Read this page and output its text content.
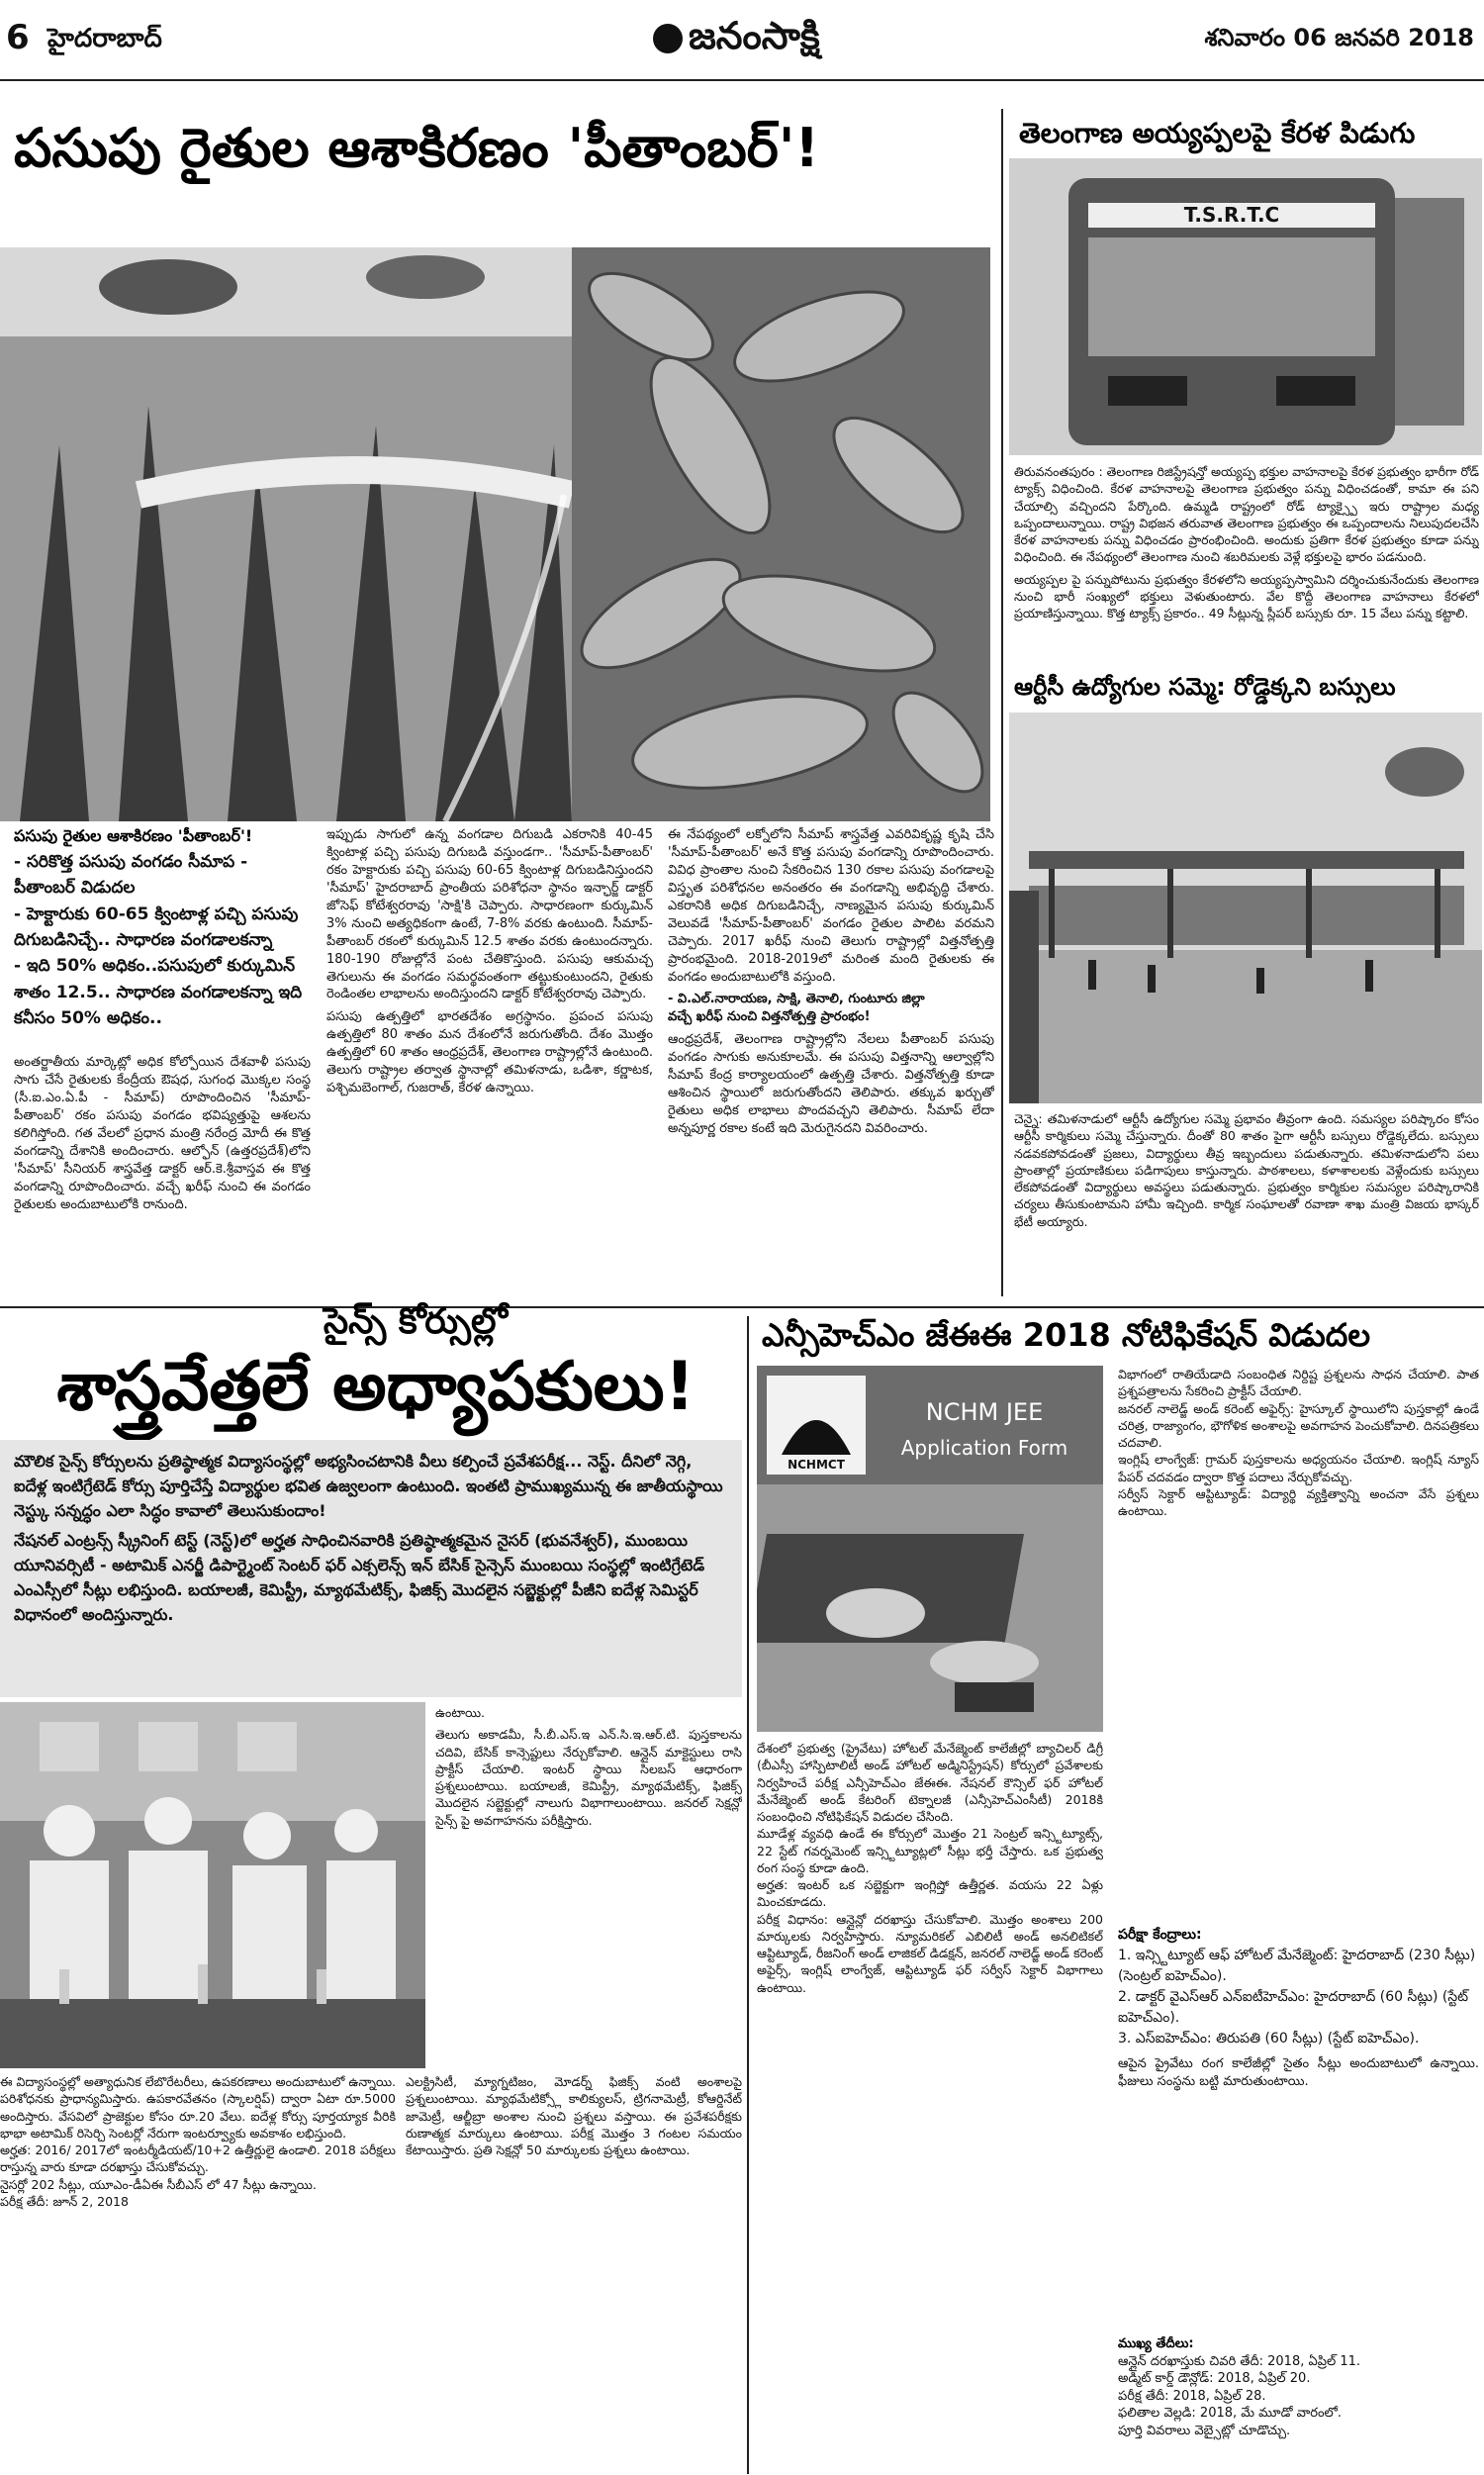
6 హైదరాబాద్	జనంసాక్షి	శనివారం 06 జనవరి 2018
పసుపు రైతుల ఆశాకిరణం 'పీతాంబర్'!
పసుపు రైతుల ఆశాకిరణం 'పీతాంబర్'!
- సరికొత్త పసుపు వంగడం సీమాప - పీతాంబర్ విడుదల
- హెక్టారుకు 60-65 క్వింటాళ్ల పచ్చి పసుపు దిగుబడినిచ్చే.. సాధారణ వంగడాలకన్నా
- ఇది 50% అధికం..పసుపులో కుర్కుమిన్ శాతం 12.5.. సాధారణ వంగడాలకన్నా ఇది కనీసం 50% అధికం..

అంతర్జాతీయ మార్కెట్లో అధిక కోల్పోయిన దేశవాళీ పసుపు సాగు చేసే రైతులకు కేంద్రీయ ఔషధ, సుగంధ మొక్కల సంస్థ (సీ.ఐ.ఎం.ఏ.పీ - సీమాప్) రూపొందించిన 'సీమాప్-పీతాంబర్' రకం పసుపు వంగడం భవిష్యత్తుపై ఆశలను కలిగిస్తోంది. గత వేలలో ప్రధాన మంత్రి నరేంద్ర మోదీ ఈ కొత్త వంగడాన్ని దేశానికి అందించారు. ఆల్ఫోన్ (ఉత్తరప్రదేశ్)లోని 'సీమాప్' సీనియర్ శాస్త్రవేత్త డాక్టర్ ఆర్.కె.శ్రీవాస్తవ ఈ కొత్త వంగడాన్ని రూపొందించారు. వచ్చే ఖరీఫ్ నుంచి ఈ వంగడం రైతులకు అందుబాటులోకి రానుంది.

ఇప్పుడు సాగులో ఉన్న వంగడాల దిగుబడి ఎకరానికి 40-45 క్వింటాళ్ల పచ్చి పసుపు దిగుబడి వస్తుండగా.. 'సీమాప్-పీతాంబర్' రకం హెక్టారుకు పచ్చి పసుపు 60-65 క్వింటాళ్ల దిగుబడినిస్తుందని 'సీమాప్' హైదరాబాద్ ప్రాంతీయ పరిశోధనా స్థానం ఇన్ఛార్జ్ డాక్టర్ జోసెఫ్ కోటేశ్వరరావు 'సాక్షి'కి చెప్పారు. సాధారణంగా కుర్కుమిన్ 3% నుంచి అత్యధికంగా ఉంటే, 7-8% వరకు ఉంటుంది. సీమాప్-పీతాంబర్ రకంలో కుర్కుమిన్ 12.5 శాతం వరకు ఉంటుందన్నారు. 180-190 రోజుల్లోనే పంట చేతికొస్తుంది. పసుపు ఆకుమచ్చ తెగులును ఈ వంగడం సమర్థవంతంగా తట్టుకుంటుందని, రైతుకు రెండింతల లాభాలను అందిస్తుందని డాక్టర్ కోటేశ్వరరావు చెప్పారు.

పసుపు ఉత్పత్తిలో భారతదేశం అగ్రస్థానం. ప్రపంచ పసుపు ఉత్పత్తిలో 80 శాతం మన దేశంలోనే జరుగుతోంది. దేశం మొత్తం ఉత్పత్తిలో 60 శాతం ఆంధ్రప్రదేశ్, తెలంగాణ రాష్ట్రాల్లోనే ఉంటుంది. తెలుగు రాష్ట్రాల తర్వాత స్థానాల్లో తమిళనాడు, ఒడిశా, కర్ణాటక, పశ్చిమబెంగాల్, గుజరాత్, కేరళ ఉన్నాయి.

ఈ నేపథ్యంలో లక్నోలోని సీమాప్ శాస్త్రవేత్త ఎవరివికృష్ణ కృషి చేసి 'సీమాప్-పీతాంబర్' అనే కొత్త పసుపు వంగడాన్ని రూపొందించారు. వివిధ ప్రాంతాల నుంచి సేకరించిన 130 రకాల పసుపు వంగడాలపై విస్తృత పరిశోధనల అనంతరం ఈ వంగడాన్ని అభివృద్ధి చేశారు. ఎకరానికి అధిక దిగుబడినిచ్చే, నాణ్యమైన పసుపు కుర్కుమిన్ వెలువడే 'సీమాప్-పీతాంబర్' వంగడం రైతుల పాలిట వరమని చెప్పారు. 2017 ఖరీఫ్ నుంచి తెలుగు రాష్ట్రాల్లో విత్తనోత్పత్తి ప్రారంభమైంది. 2018-2019లో మరింత మంది రైతులకు ఈ వంగడం అందుబాటులోకి వస్తుంది.

- వి.ఎల్.నారాయణ, సాక్షి, తెనాలి, గుంటూరు జిల్లా
వచ్చే ఖరీఫ్ నుంచి విత్తనోత్పత్తి ప్రారంభం!

ఆంధ్రప్రదేశ్, తెలంగాణ రాష్ట్రాల్లోని నేలలు పీతాంబర్ పసుపు వంగడం సాగుకు అనుకూలమే. ఈ పసుపు విత్తనాన్ని ఆల్వాల్లోని సీమాప్ కేంద్ర కార్యాలయంలో ఉత్పత్తి చేశారు. విత్తనోత్పత్తి కూడా ఆశించిన స్థాయిలో జరుగుతోందని తెలిపారు. తక్కువ ఖర్చుతో రైతులు అధిక లాభాలు పొందవచ్చని తెలిపారు. సీమాప్ లేదా అన్నపూర్ణ రకాల కంటే ఇది మెరుగైనదని వివరించారు.

తెలంగాణ అయ్యప్పలపై కేరళ పిడుగు
T.S.R.T.C

తిరువనంతపురం : తెలంగాణ రిజిస్ట్రేషన్తో అయ్యప్ప భక్తుల వాహనాలపై కేరళ ప్రభుత్వం భారీగా రోడ్ ట్యాక్స్ విధించింది. కేరళ వాహనాలపై తెలంగాణ ప్రభుత్వం పన్ను విధించడంతో, కామా ఈ పని చేయాల్సి వచ్చిందని పేర్కొంది. ఉమ్మడి రాష్ట్రంలో రోడ్ ట్యాక్స్పై ఇరు రాష్ట్రాల మధ్య ఒప్పందాలున్నాయి. రాష్ట్ర విభజన తరువాత తెలంగాణ ప్రభుత్వం ఈ ఒప్పందాలను నిలుపుదలచేసి కేరళ వాహనాలకు పన్ను విధించడం ప్రారంభించింది. అందుకు ప్రతిగా కేరళ ప్రభుత్వం కూడా పన్ను విధించింది. ఈ నేపథ్యంలో తెలంగాణ నుంచి శబరిమలకు వెళ్లే భక్తులపై భారం పడనుంది.

అయ్యప్పల పై పన్నుపోటును ప్రభుత్వం కేరళలోని అయ్యప్పస్వామిని దర్శించుకునేందుకు తెలంగాణ నుంచి భారీ సంఖ్యలో భక్తులు వెళుతుంటారు. వేల కొద్దీ తెలంగాణ వాహనాలు కేరళలో ప్రయాణిస్తున్నాయి. కొత్త ట్యాక్స్ ప్రకారం.. 49 సీట్లున్న స్లీపర్ బస్సుకు రూ. 15 వేలు పన్ను కట్టాలి.

ఆర్టీసీ ఉద్యోగుల సమ్మె: రోడ్డెక్కని బస్సులు

చెన్నై: తమిళనాడులో ఆర్టీసీ ఉద్యోగుల సమ్మె ప్రభావం తీవ్రంగా ఉంది. సమస్యల పరిష్కారం కోసం ఆర్టీసీ కార్మికులు సమ్మె చేస్తున్నారు. దీంతో 80 శాతం పైగా ఆర్టీసీ బస్సులు రోడ్డెక్కలేదు. బస్సులు నడవకపోవడంతో ప్రజలు, విద్యార్థులు తీవ్ర ఇబ్బందులు పడుతున్నారు. తమిళనాడులోని పలు ప్రాంతాల్లో ప్రయాణికులు పడిగాపులు కాస్తున్నారు. పాఠశాలలు, కళాశాలలకు వెళ్లేందుకు బస్సులు లేకపోవడంతో విద్యార్థులు అవస్థలు పడుతున్నారు. ప్రభుత్వం కార్మికుల సమస్యల పరిష్కారానికి చర్యలు తీసుకుంటామని హామీ ఇచ్చింది. కార్మిక సంఘాలతో రవాణా శాఖ మంత్రి విజయ భాస్కర్ భేటీ అయ్యారు.

సైన్స్ కోర్సుల్లో
శాస్త్రవేత్తలే అధ్యాపకులు!
మౌలిక సైన్స్ కోర్సులను ప్రతిష్ఠాత్మక విద్యాసంస్థల్లో అభ్యసించటానికి వీలు కల్పించే ప్రవేశపరీక్ష... నెస్ట్. దీనిలో నెగ్గి, ఐదేళ్ల ఇంటిగ్రేటెడ్ కోర్సు పూర్తిచేస్తే విద్యార్థుల భవిత ఉజ్వలంగా ఉంటుంది. ఇంతటి ప్రాముఖ్యమున్న ఈ జాతీయస్థాయి నెస్ట్కు సన్నద్ధం ఎలా సిద్ధం కావాలో తెలుసుకుందాం!
నేషనల్ ఎంట్రన్స్ స్క్రీనింగ్ టెస్ట్ (నెస్ట్)లో అర్హత సాధించినవారికి ప్రతిష్ఠాత్మకమైన నైసర్ (భువనేశ్వర్), ముంబయి యూనివర్సిటీ - అటామిక్ ఎనర్జీ డిపార్ట్మెంట్ సెంటర్ ఫర్ ఎక్సలెన్స్ ఇన్ బేసిక్ సైన్సెస్ ముంబయి సంస్థల్లో ఇంటిగ్రేటెడ్ ఎంఎస్సీలో సీట్లు లభిస్తుంది. బయాలజీ, కెమిస్ట్రీ, మ్యాథమేటిక్స్, ఫిజిక్స్ మొదలైన సబ్జెక్టుల్లో పీజీని ఐదేళ్ల సెమిస్టర్ విధానంలో అందిస్తున్నారు.

ఉంటాయి.

తెలుగు అకాడమీ, సీ.బీ.ఎస్.ఇ ఎన్.సి.ఇ.ఆర్.టి. పుస్తకాలను చదివి, బేసిక్ కాన్సెప్టులు నేర్చుకోవాలి. ఆన్లైన్ మాక్టెస్టులు రాసి ప్రాక్టీస్ చేయాలి. ఇంటర్ స్థాయి సిలబస్ ఆధారంగా ప్రశ్నలుంటాయి. బయాలజీ, కెమిస్ట్రీ, మ్యాథమేటిక్స్, ఫిజిక్స్ మొదలైన సబ్జెక్టుల్లో నాలుగు విభాగాలుంటాయి. జనరల్ సెక్షన్లో సైన్స్ పై అవగాహనను పరీక్షిస్తారు.

ఈ విద్యాసంస్థల్లో అత్యాధునిక లేబొరేటరీలు, ఉపకరణాలు అందుబాటులో ఉన్నాయి. పరిశోధనకు ప్రాధాన్యమిస్తారు. ఉపకారవేతనం (స్కాలర్షిప్) ద్వారా ఏటా రూ.5000 అందిస్తారు. వేసవిలో ప్రాజెక్టుల కోసం రూ.20 వేలు. ఐదేళ్ల కోర్సు పూర్తయ్యాక వీరికి భాభా అటామిక్ రిసెర్చి సెంటర్లో నేరుగా ఇంటర్వ్యూకు అవకాశం లభిస్తుంది.
అర్హత: 2016/ 2017లో ఇంటర్మీడియట్/10+2 ఉత్తీర్ణులై ఉండాలి. 2018 పరీక్షలు రాస్తున్న వారు కూడా దరఖాస్తు చేసుకోవచ్చు.
నైసర్లో 202 సీట్లు, యూఎం-డీఏఈ సీబీఎస్ లో 47 సీట్లు ఉన్నాయి.
పరీక్ష తేదీ: జూన్ 2, 2018

ఎలక్ట్రిసిటీ, మ్యాగ్నటిజం, మోడర్న్ ఫిజిక్స్ వంటి అంశాలపై ప్రశ్నలుంటాయి. మ్యాథమేటిక్స్లో కాలిక్యులస్, ట్రిగనామెట్రీ, కోఆర్డినేట్ జామెట్రీ, ఆల్జీబ్రా అంశాల నుంచి ప్రశ్నలు వస్తాయి. ఈ ప్రవేశపరీక్షకు రుణాత్మక మార్కులు ఉంటాయి. పరీక్ష మొత్తం 3 గంటల సమయం కేటాయిస్తారు. ప్రతి సెక్షన్లో 50 మార్కులకు ప్రశ్నలు ఉంటాయి.

ఎన్సీహెచ్ఎం జేఈఈ 2018 నోటిఫికేషన్ విడుదల
NCHMCT
NCHM JEE
Application Form

దేశంలో ప్రభుత్వ (ప్రైవేటు) హోటల్ మేనేజ్మెంట్ కాలేజీల్లో బ్యాచిలర్ డిగ్రీ (బీఎస్సీ హాస్పిటాలిటీ అండ్ హోటల్ అడ్మినిస్ట్రేషన్) కోర్సులో ప్రవేశాలకు నిర్వహించే పరీక్ష ఎన్సీహెచ్ఎం జేఈఈ. నేషనల్ కౌన్సిల్ ఫర్ హోటల్ మేనేజ్మెంట్ అండ్ కేటరింగ్ టెక్నాలజీ (ఎన్సీహెచ్ఎంసీటీ) 2018కి సంబంధించి నోటిఫికేషన్ విడుదల చేసింది.
మూడేళ్ల వ్యవధి ఉండే ఈ కోర్సులో మొత్తం 21 సెంట్రల్ ఇన్స్టిట్యూట్స్, 22 స్టేట్ గవర్నమెంట్ ఇన్స్టిట్యూట్లలో సీట్లు భర్తీ చేస్తారు. ఒక ప్రభుత్వ రంగ సంస్థ కూడా ఉంది.
అర్హత: ఇంటర్ ఒక సబ్జెక్టుగా ఇంగ్లిష్తో ఉత్తీర్ణత. వయసు 22 ఏళ్లు మించకూడదు.
పరీక్ష విధానం: ఆన్లైన్లో దరఖాస్తు చేసుకోవాలి. మొత్తం అంశాలు 200 మార్కులకు నిర్వహిస్తారు. న్యూమరికల్ ఎబిలిటీ అండ్ అనలిటికల్ ఆప్టిట్యూడ్, రీజనింగ్ అండ్ లాజికల్ డిడక్షన్, జనరల్ నాలెడ్జ్ అండ్ కరెంట్ అఫైర్స్, ఇంగ్లిష్ లాంగ్వేజ్, ఆప్టిట్యూడ్ ఫర్ సర్వీస్ సెక్టార్ విభాగాలు ఉంటాయి.

విభాగంలో రాతియేడాది సంబంధిత నిర్దిష్ట ప్రశ్నలను సాధన చేయాలి. పాత ప్రశ్నపత్రాలను సేకరించి ప్రాక్టీస్ చేయాలి.
జనరల్ నాలెడ్జ్ అండ్ కరెంట్ అఫైర్స్: హైస్కూల్ స్థాయిలోని పుస్తకాల్లో ఉండే చరిత్ర, రాజ్యాంగం, భౌగోళిక అంశాలపై అవగాహన పెంచుకోవాలి. దినపత్రికలు చదవాలి.
ఇంగ్లిష్ లాంగ్వేజ్: గ్రామర్ పుస్తకాలను అధ్యయనం చేయాలి. ఇంగ్లిష్ న్యూస్ పేపర్ చదవడం ద్వారా కొత్త పదాలు నేర్చుకోవచ్చు.
సర్వీస్ సెక్టార్ ఆప్టిట్యూడ్: విద్యార్థి వ్యక్తిత్వాన్ని అంచనా వేసే ప్రశ్నలు ఉంటాయి.

పరీక్షా కేంద్రాలు:
1. ఇన్స్టిట్యూట్ ఆఫ్ హోటల్ మేనేజ్మెంట్: హైదరాబాద్ (230 సీట్లు) (సెంట్రల్ ఐహెచ్ఎం).
2. డాక్టర్ వైఎస్ఆర్ ఎన్ఐటీహెచ్ఎం: హైదరాబాద్ (60 సీట్లు) (స్టేట్ ఐహెచ్ఎం).
3. ఎస్ఐహెచ్ఎం: తిరుపతి (60 సీట్లు) (స్టేట్ ఐహెచ్ఎం).
ఆపైన ప్రైవేటు రంగ కాలేజీల్లో సైతం సీట్లు అందుబాటులో ఉన్నాయి. ఫీజులు సంస్థను బట్టి మారుతుంటాయి.
ముఖ్య తేదీలు:
ఆన్లైన్ దరఖాస్తుకు చివరి తేదీ: 2018, ఏప్రిల్ 11.
అడ్మిట్ కార్డ్ డౌన్లోడ్: 2018, ఏప్రిల్ 20.
పరీక్ష తేదీ: 2018, ఏప్రిల్ 28.
ఫలితాల వెల్లడి: 2018, మే మూడో వారంలో.
పూర్తి వివరాలు వెబ్సైట్లో చూడొచ్చు.
